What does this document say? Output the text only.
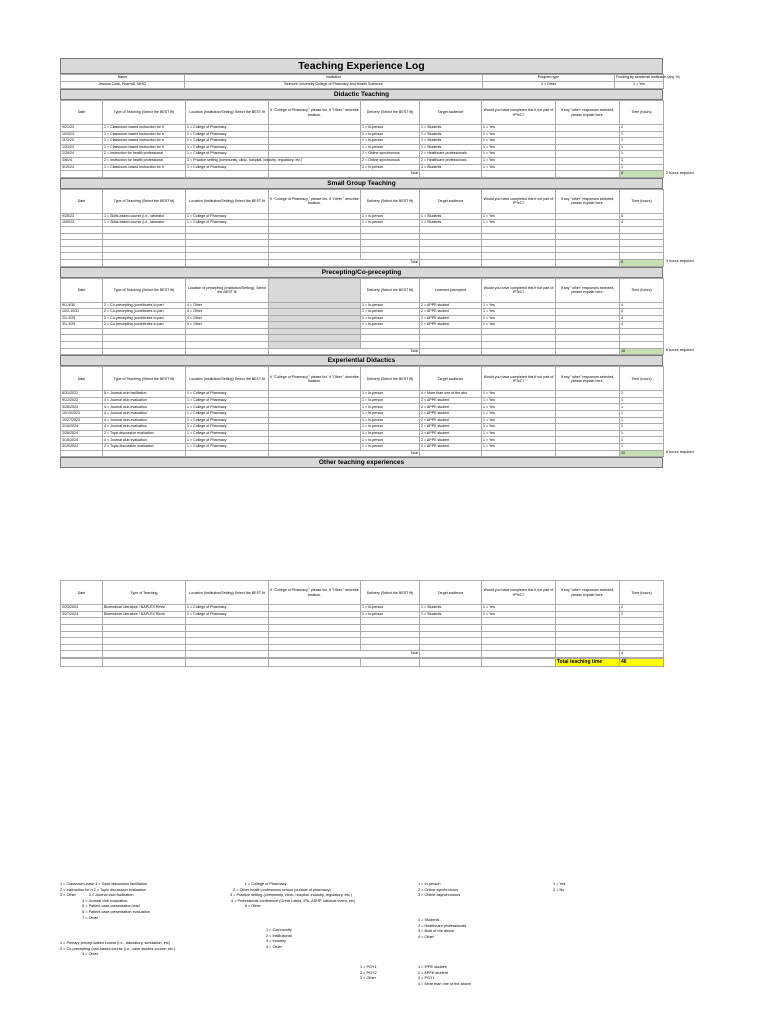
Teaching Experience Log
Name	Institution	Program type	Funding by academic institution (any %)
Jessica Cook, PharmD, MHCI	Belmont University College of Pharmacy and Health Sciences	3 = Other	1 = Yes
Didactic Teaching
Date	Type of Teaching (Select the BEST fit)	Location (Institution/Setting) Select the BEST fit	If "College of Pharmacy," please list. If "Other," describe location.	Delivery (Select the BEST fit)	Target audience	Would you have completed this if not part of IPTeC?	If any "other" responses selected, please explain here.	Time (hours)
9/21/23	1 = Classroom-based instruction for h	1 = College of Pharmacy		1 = In-person	1 = Students	1 = Yes		2
10/3/23	1 = Classroom-based instruction for h	1 = College of Pharmacy		1 = In-person	1 = Students	1 = Yes		1
11/3/23	1 = Classroom-based instruction for h	1 = College of Pharmacy		1 = In-person	1 = Students	1 = Yes		1
1/31/24	1 = Classroom-based instruction for h	1 = College of Pharmacy		1 = In-person	1 = Students	1 = Yes		1
2/28/24	2 = Instruction for health professional	1 = College of Pharmacy		2 = Online synchronous	2 = Healthcare professionals	1 = Yes		1
3/6/24	2 = Instruction for health professional	3 = Practice setting (community, clinic, hospital, industry, regulatory, etc.)		2 = Online synchronous	2 = Healthcare professionals	1 = Yes		1
3/19/24	1 = Classroom-based instruction for h	1 = College of Pharmacy		1 = In-person	1 = Students	1 = Yes		1
				Total				8
Small Group Teaching
Date	Type of Teaching (Select the BEST fit)	Location (Institution/Setting) Select the BEST fit	If "College of Pharmacy," please list. If "Other," describe location.	Delivery (Select the BEST fit)	Target audience	Would you have completed this if not part of IPTeC?	If any "other" responses selected, please explain here.	Time (hours)
9/25/23	1 = Skills-based course (i.e., laborator	1 = College of Pharmacy		1 = In-person	1 = Students	1 = Yes		4
10/9/23	1 = Skills-based course (i.e., laborator	1 = College of Pharmacy		1 = In-person	1 = Students	1 = Yes		4

				Total				8
Precepting/Co-precepting
Date	Type of Teaching (Select the BEST fit)	Location of precepting (Institution/Setting). Select the BEST fit		Delivery (Select the BEST fit)	Learners precepted	Would you have completed this if not part of IPTeC?	If any "other" responses selected, please explain here.	Time (hours)
9/1-9/30	2 = Co-precepting (contributes to part	4 = Other		1 = In-person	2 = APPE student	1 = Yes		4
10/2-10/31	2 = Co-precepting (contributes to part	4 = Other		1 = In-person	2 = APPE student	1 = Yes		4
2/1-2/29	2 = Co-precepting (contributes to part	4 = Other		1 = In-person	2 = APPE student	1 = Yes		4
3/1-3/29	2 = Co-precepting (contributes to part	4 = Other		1 = In-person	2 = APPE student	1 = Yes		4

				Total				16
Experiential Didactics
Date	Type of Teaching (Select the BEST fit)	Location (Institution/Setting) Select the BEST fit	If "College of Pharmacy," please list. If "Other," describe location.	Delivery (Select the BEST fit)	Target audience	Would you have completed this if not part of IPTeC?	If any "other" responses selected, please explain here.	Time (hours)
8/31/2023	5 = Journal club facilitation	1 = College of Pharmacy		1 = In-person	4 = More than one of the abo	1 = Yes		2
9/12/2023	4 = Journal club evaluation	1 = College of Pharmacy		1 = In-person	2 = APPE student	1 = Yes		1
9/26/2023	4 = Journal club evaluation	1 = College of Pharmacy		1 = In-person	2 = APPE student	1 = Yes		1
10/13/2023	4 = Journal club evaluation	1 = College of Pharmacy		1 = In-person	2 = APPE student	1 = Yes		1
10/27/2023	4 = Journal club evaluation	1 = College of Pharmacy		1 = In-person	2 = APPE student	1 = Yes		1
2/16/2024	4 = Journal club evaluation	1 = College of Pharmacy		1 = In-person	2 = APPE student	1 = Yes		1
2/26/2024	2 = Topic discussion evaluation	1 = College of Pharmacy		1 = In-person	2 = APPE student	1 = Yes		1
3/18/2024	4 = Journal club evaluation	1 = College of Pharmacy		1 = In-person	2 = APPE student	1 = Yes		1
3/19/2024	2 = Topic discussion evaluation	1 = College of Pharmacy		1 = In-person	2 = APPE student	1 = Yes		1
				Total				10
Other teaching experiences
Date	Type of Teaching	Location (Institution/Setting) Select the BEST fit	If "College of Pharmacy," please list. If "Other," describe location.	Delivery (Select the BEST fit)	Target audience	Would you have completed this if not part of IPTeC?	If any "other" responses selected, please explain here.	Time (hours)
2/23/2024	Biomedical Literature / NAPLEX Revie	1 = College of Pharmacy		1 = In-person	1 = Students	1 = Yes		2
3/27/2024	Biomedical Literature / NAPLEX Revie	1 = College of Pharmacy		1 = In-person	1 = Students	1 = Yes		2

				Total				4
							Total teaching time	46
2 hours required
3 hours required
6 hours required
6 hours required
1 = Classroom-base 1 = Topic discussion facilitation
2 = Instruction for h 2 = Topic discussion evaluation
3 = Other            3 = Journal club facilitation
4 = Journal club evaluation
5 = Patient case presentation lead
6 = Patient case presentation evaluation
7 = Other
1 = Primary precep-based course (i.e., laboratory, simulation, etc)
2 = Co-precepting (can-based course (i.e., case studies course, etc.)
3 = Other
1 = College of Pharmacy
2 = Other health professions school (outside of pharmacy)
3 = Practice setting (community, clinic, hospital, industry, regulatory, etc.)
4 = Professional conference (Great Lakes, IPA, ASHP, national event, etc)
5 = Other
1 = Community
2 = Institutional
3 = Industry
4 = Other
1 = PGY1
2 = PGY2
3 = Other
1 = In-person
2 = Online synchronous
3 = Online asynchronous
1 = Students
2 = Healthcare professionals
3 = Both of the above
4 = Other
1 = IPPE student
2 = APPE student
3 = PGY1
4 = More than one of the above
1 = Yes
2 = No
